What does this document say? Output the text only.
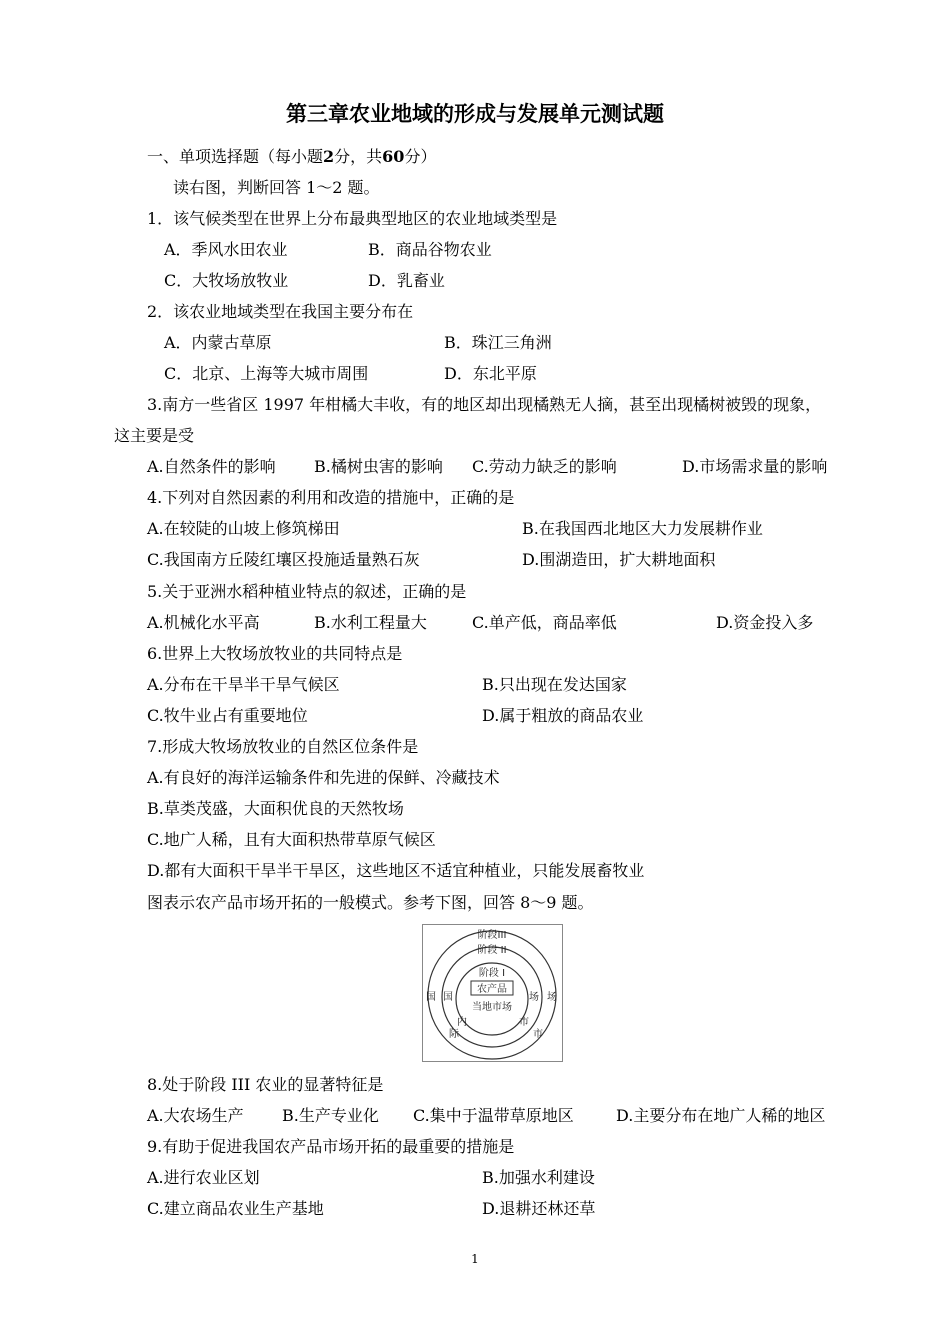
第三章农业地域的形成与发展单元测试题
一、单项选择题（每小题2分，共60分）
读右图，判断回答 1～2 题。
1．该气候类型在世界上分布最典型地区的农业地域类型是
A．季风水田农业	B．商品谷物农业
C．大牧场放牧业	D．乳畜业
2．该农业地域类型在我国主要分布在
A．内蒙古草原	B．珠江三角洲
C．北京、上海等大城市周围	D．东北平原
3.南方一些省区 1997 年柑橘大丰收，有的地区却出现橘熟无人摘，甚至出现橘树被毁的现象，
这主要是受
A.自然条件的影响 B.橘树虫害的影响 C.劳动力缺乏的影响	D.市场需求量的影响
4.下列对自然因素的利用和改造的措施中，正确的是
A.在较陡的山坡上修筑梯田	B.在我国西北地区大力发展耕作业
C.我国南方丘陵红壤区投施适量熟石灰	D.围湖造田，扩大耕地面积
5.关于亚洲水稻种植业特点的叙述，正确的是
A.机械化水平高	B.水利工程量大	C.单产低，商品率低	D.资金投入多
6.世界上大牧场放牧业的共同特点是
A.分布在干旱半干旱气候区	B.只出现在发达国家
C.牧牛业占有重要地位	D.属于粗放的商品农业
7.形成大牧场放牧业的自然区位条件是
A.有良好的海洋运输条件和先进的保鲜、冷藏技术
B.草类茂盛，大面积优良的天然牧场
C.地广人稀，且有大面积热带草原气候区
D.都有大面积干旱半干旱区，这些地区不适宜种植业，只能发展畜牧业
图表示农产品市场开拓的一般模式。参考下图，回答 8～9 题。
阶段III
阶段 II
阶段 I
农产品
当地市场
国 国	场 场
内
际
市
市
8.处于阶段 III 农业的显著特征是
A.大农场生产 B.生产专业化 C.集中于温带草原地区	D.主要分布在地广人稀的地区
9.有助于促进我国农产品市场开拓的最重要的措施是
A.进行农业区划	B.加强水利建设
C.建立商品农业生产基地	D.退耕还林还草
1
